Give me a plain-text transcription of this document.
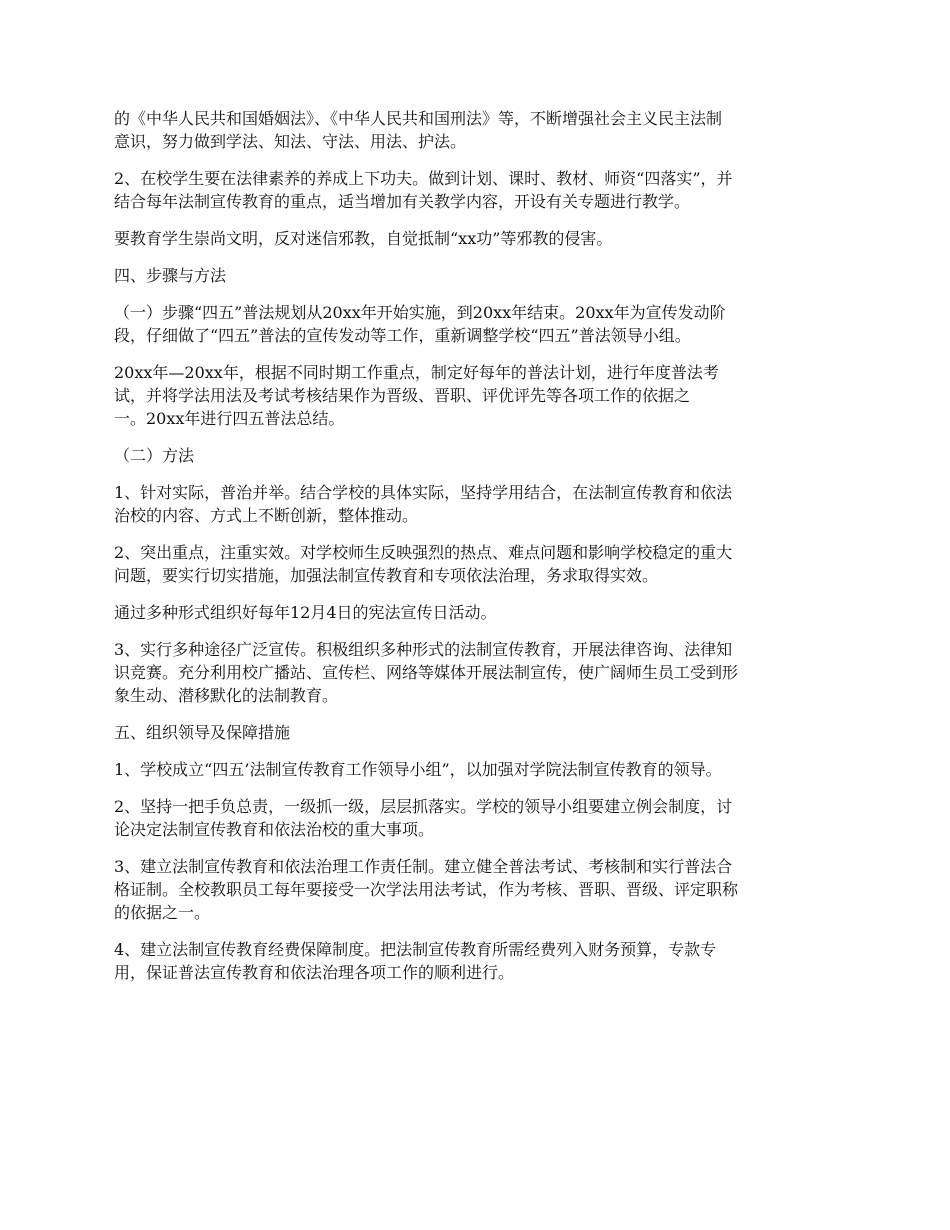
的《中华人民共和国婚姻法》、《中华人民共和国刑法》等，不断增强社会主义民主法制
意识，努力做到学法、知法、守法、用法、护法。

2、在校学生要在法律素养的养成上下功夫。做到计划、课时、教材、师资“四落实”，并
结合每年法制宣传教育的重点，适当增加有关教学内容，开设有关专题进行教学。

要教育学生崇尚文明，反对迷信邪教，自觉抵制“xx功”等邪教的侵害。

四、步骤与方法

（一）步骤“四五”普法规划从20xx年开始实施，到20xx年结束。20xx年为宣传发动阶
段，仔细做了“四五”普法的宣传发动等工作，重新调整学校“四五”普法领导小组。

20xx年—20xx年，根据不同时期工作重点，制定好每年的普法计划，进行年度普法考
试，并将学法用法及考试考核结果作为晋级、晋职、评优评先等各项工作的依据之
一。20xx年进行四五普法总结。

（二）方法

1、针对实际，普治并举。结合学校的具体实际，坚持学用结合，在法制宣传教育和依法
治校的内容、方式上不断创新，整体推动。

2、突出重点，注重实效。对学校师生反映强烈的热点、难点问题和影响学校稳定的重大
问题，要实行切实措施，加强法制宣传教育和专项依法治理，务求取得实效。

通过多种形式组织好每年12月4日的宪法宣传日活动。

3、实行多种途径广泛宣传。积极组织多种形式的法制宣传教育，开展法律咨询、法律知
识竞赛。充分利用校广播站、宣传栏、网络等媒体开展法制宣传，使广阔师生员工受到形
象生动、潜移默化的法制教育。

五、组织领导及保障措施

1、学校成立“四五’法制宣传教育工作领导小组”，以加强对学院法制宣传教育的领导。

2、坚持一把手负总责，一级抓一级，层层抓落实。学校的领导小组要建立例会制度，讨
论决定法制宣传教育和依法治校的重大事项。

3、建立法制宣传教育和依法治理工作责任制。建立健全普法考试、考核制和实行普法合
格证制。全校教职员工每年要接受一次学法用法考试，作为考核、晋职、晋级、评定职称
的依据之一。

4、建立法制宣传教育经费保障制度。把法制宣传教育所需经费列入财务预算，专款专
用，保证普法宣传教育和依法治理各项工作的顺利进行。
